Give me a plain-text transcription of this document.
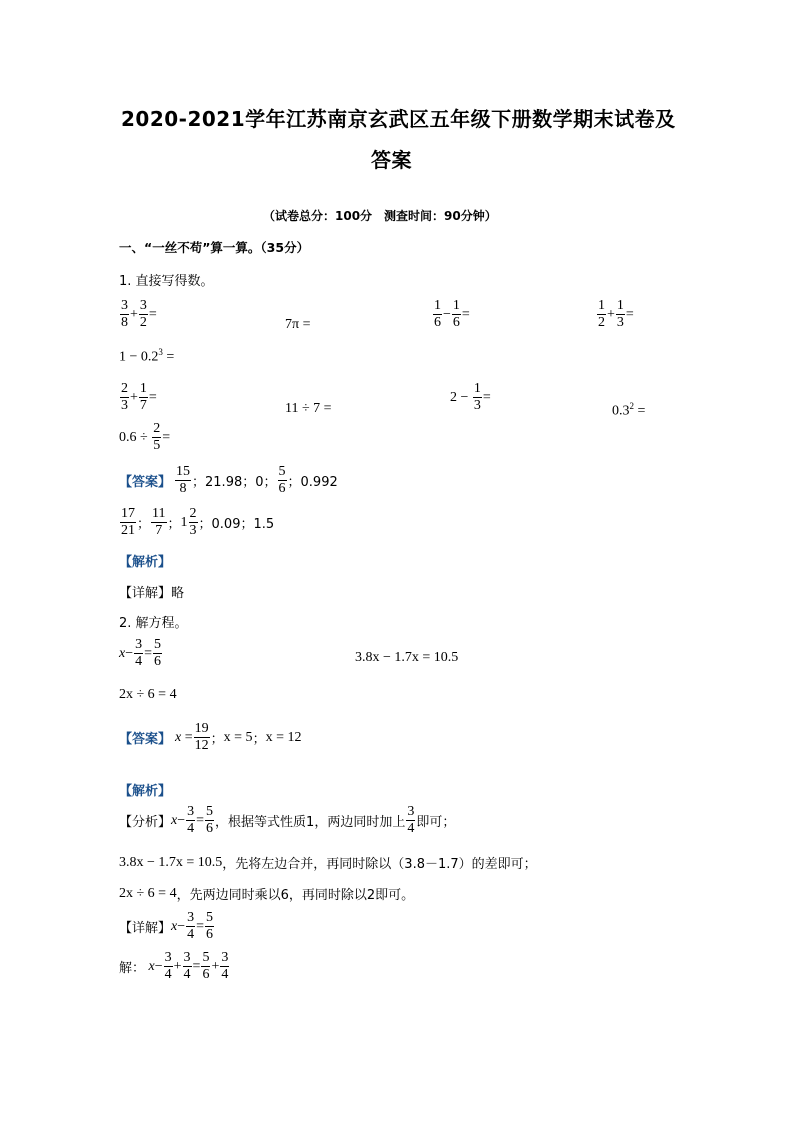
2020-2021学年江苏南京玄武区五年级下册数学期末试卷及
答案
（试卷总分：100分　测查时间：90分钟）
一、“一丝不苟”算一算。（35分）
1. 直接写得数。
$\frac{3}{8} + \frac{3}{2}$ =
7π =	$\frac{1}{6} - \frac{1}{6}$ =	$\frac{1}{2} + \frac{1}{3}$ =
$1 - 0.2^3$ =
$\frac{2}{3} + \frac{1}{7}$ =
11 ÷ 7 =
$2 - \frac{1}{3}$ =
$0.3^2$ =
$0.6 \div \frac{2}{5}$ =
【答案】 $\frac{15}{8}$ ；21.98；0； $\frac{5}{6}$ ；0.992
$\frac{17}{21}$ ； $\frac{11}{7}$ ； $1 \frac{2}{3}$ ；0.09；1.5
【解析】
【详解】略
2. 解方程。
$x - \frac{3}{4} = \frac{5}{6}$	3.8x − 1.7x = 10.5
2x ÷ 6 = 4
【答案】 $x = \frac{19}{12}$ ； x = 5 ； x = 12
【解析】
【分析】 $x - \frac{3}{4} = \frac{5}{6}$ ，根据等式性质1，两边同时加上 $\frac{3}{4}$ 即可；
3.8x − 1.7x = 10.5 ，先将左边合并，再同时除以（3.8－1.7）的差即可；
2x ÷ 6 = 4 ，先两边同时乘以6，再同时除以2即可。
【详解】 $x - \frac{3}{4} = \frac{5}{6}$
解： $x - \frac{3}{4} + \frac{3}{4} = \frac{5}{6} + \frac{3}{4}$
